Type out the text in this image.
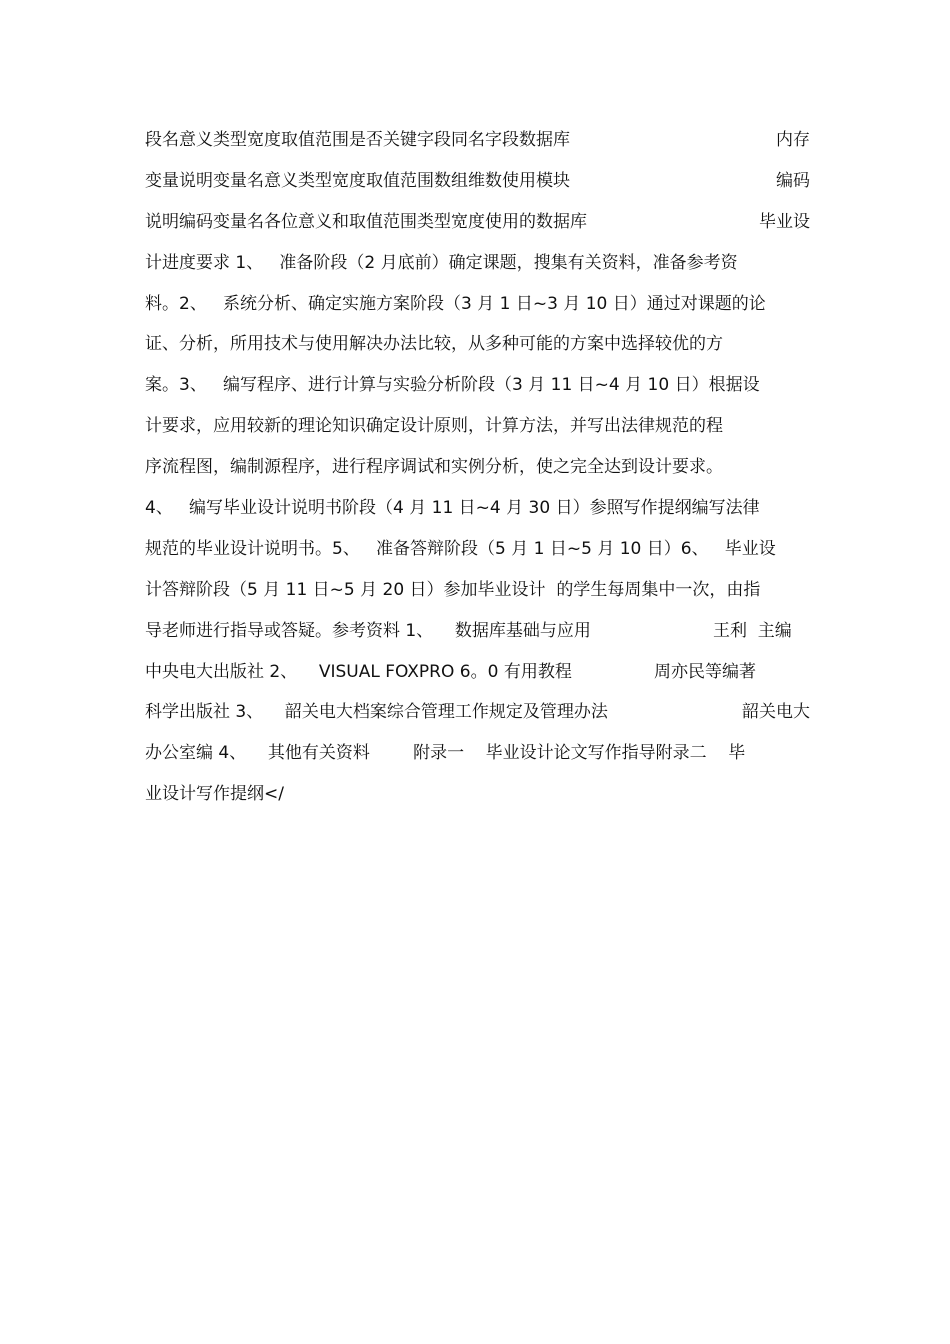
段名意义类型宽度取值范围是否关键字段同名字段数据库	内存
变量说明变量名意义类型宽度取值范围数组维数使用模块	编码
说明编码变量名各位意义和取值范围类型宽度使用的数据库	毕业设
计进度要求 1、   准备阶段（2 月底前）确定课题，搜集有关资料，准备参考资
料。2、   系统分析、确定实施方案阶段（3 月 1 日~3 月 10 日）通过对课题的论
证、分析，所用技术与使用解决办法比较，从多种可能的方案中选择较优的方
案。3、   编写程序、进行计算与实验分析阶段（3 月 11 日~4 月 10 日）根据设
计要求，应用较新的理论知识确定设计原则，计算方法，并写出法律规范的程
序流程图，编制源程序，进行程序调试和实例分析，使之完全达到设计要求。
4、   编写毕业设计说明书阶段（4 月 11 日~4 月 30 日）参照写作提纲编写法律
规范的毕业设计说明书。5、   准备答辩阶段（5 月 1 日~5 月 10 日）6、   毕业设
计答辩阶段（5 月 11 日~5 月 20 日）参加毕业设计  的学生每周集中一次，由指
导老师进行指导或答疑。参考资料 1、    数据库基础与应用	王利  主编
中央电大出版社 2、    VISUAL FOXPRO 6。0 有用教程	周亦民等编著
科学出版社 3、    韶关电大档案综合管理工作规定及管理办法	韶关电大
办公室编 4、    其他有关资料        附录一    毕业设计论文写作指导附录二    毕
业设计写作提纲</
